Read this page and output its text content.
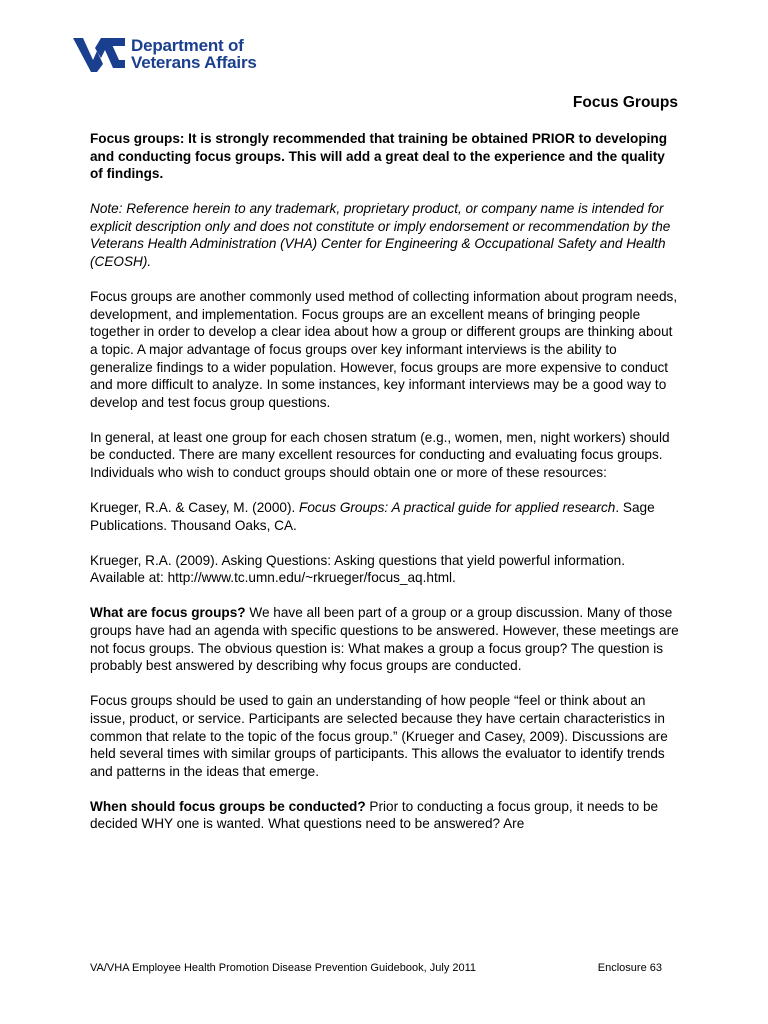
Department of
Veterans Affairs
Focus Groups

Focus groups: It is strongly recommended that training be obtained PRIOR to developing and conducting focus groups. This will add a great deal to the experience and the quality of findings.

Note: Reference herein to any trademark, proprietary product, or company name is intended for explicit description only and does not constitute or imply endorsement or recommendation by the Veterans Health Administration (VHA) Center for Engineering & Occupational Safety and Health (CEOSH).

Focus groups are another commonly used method of collecting information about program needs, development, and implementation. Focus groups are an excellent means of bringing people together in order to develop a clear idea about how a group or different groups are thinking about a topic. A major advantage of focus groups over key informant interviews is the ability to generalize findings to a wider population. However, focus groups are more expensive to conduct and more difficult to analyze. In some instances, key informant interviews may be a good way to develop and test focus group questions.

In general, at least one group for each chosen stratum (e.g., women, men, night workers) should be conducted. There are many excellent resources for conducting and evaluating focus groups. Individuals who wish to conduct groups should obtain one or more of these resources:

Krueger, R.A. & Casey, M. (2000). Focus Groups: A practical guide for applied research. Sage Publications. Thousand Oaks, CA.

Krueger, R.A. (2009). Asking Questions: Asking questions that yield powerful information. Available at: http://www.tc.umn.edu/~rkrueger/focus_aq.html.

What are focus groups? We have all been part of a group or a group discussion. Many of those groups have had an agenda with specific questions to be answered. However, these meetings are not focus groups. The obvious question is: What makes a group a focus group? The question is probably best answered by describing why focus groups are conducted.

Focus groups should be used to gain an understanding of how people “feel or think about an issue, product, or service. Participants are selected because they have certain characteristics in common that relate to the topic of the focus group.” (Krueger and Casey, 2009). Discussions are held several times with similar groups of participants. This allows the evaluator to identify trends and patterns in the ideas that emerge.

When should focus groups be conducted? Prior to conducting a focus group, it needs to be decided WHY one is wanted. What questions need to be answered? Are

VA/VHA Employee Health Promotion Disease Prevention Guidebook, July 2011	Enclosure 63
